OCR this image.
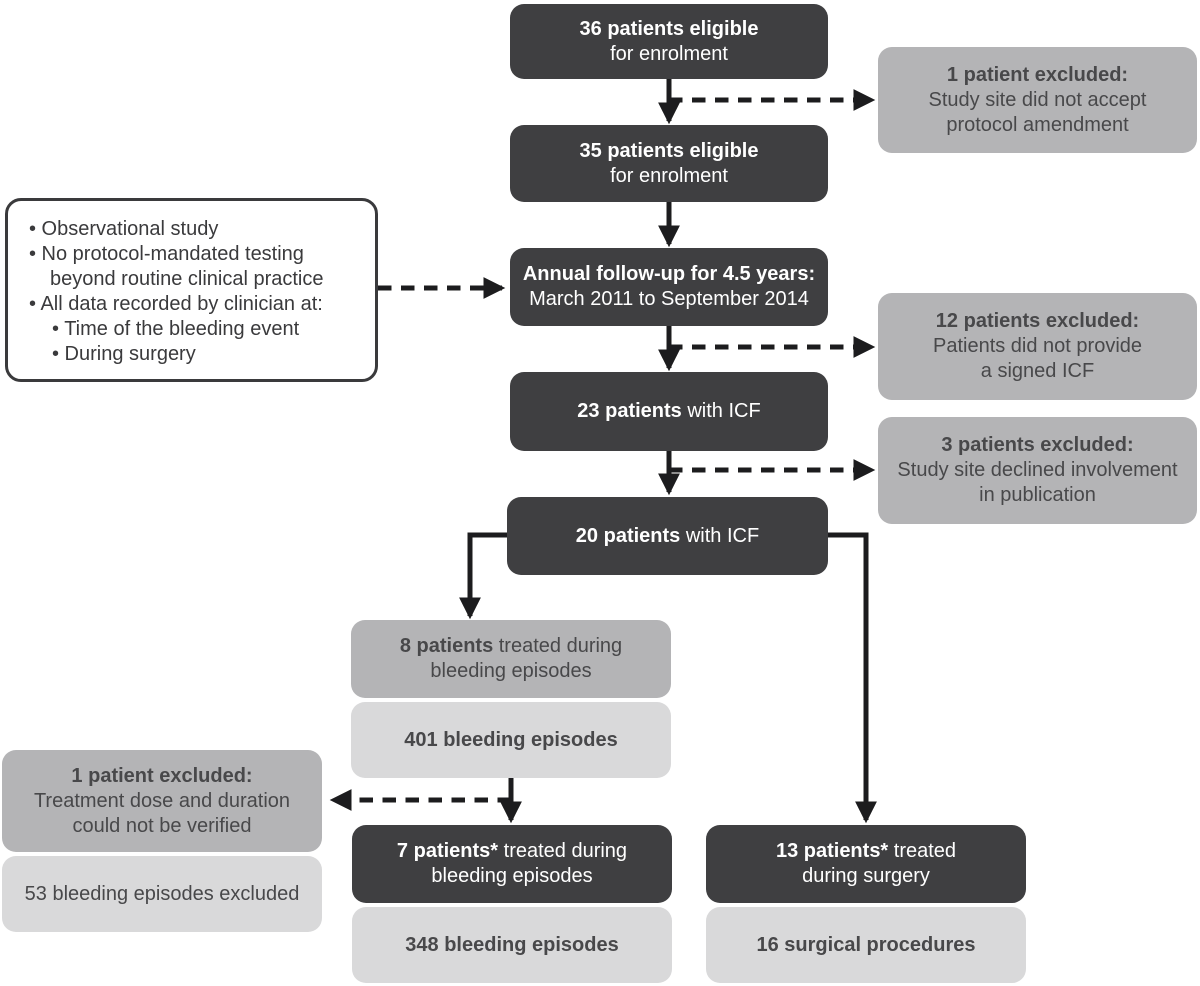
36 patients eligible
for enrolment
1 patient excluded:
Study site did not accept
protocol amendment
35 patients eligible
for enrolment
• Observational study
• No protocol-mandated testing
beyond routine clinical practice
• All data recorded by clinician at:
• Time of the bleeding event
• During surgery
Annual follow-up for 4.5 years:
March 2011 to September 2014
12 patients excluded:
Patients did not provide
a signed ICF
23 patients with ICF
3 patients excluded:
Study site declined involvement
in publication
20 patients with ICF
8 patients treated during
bleeding episodes
401 bleeding episodes
1 patient excluded:
Treatment dose and duration
could not be verified
53 bleeding episodes excluded
7 patients* treated during
bleeding episodes
348 bleeding episodes
13 patients* treated
during surgery
16 surgical procedures
